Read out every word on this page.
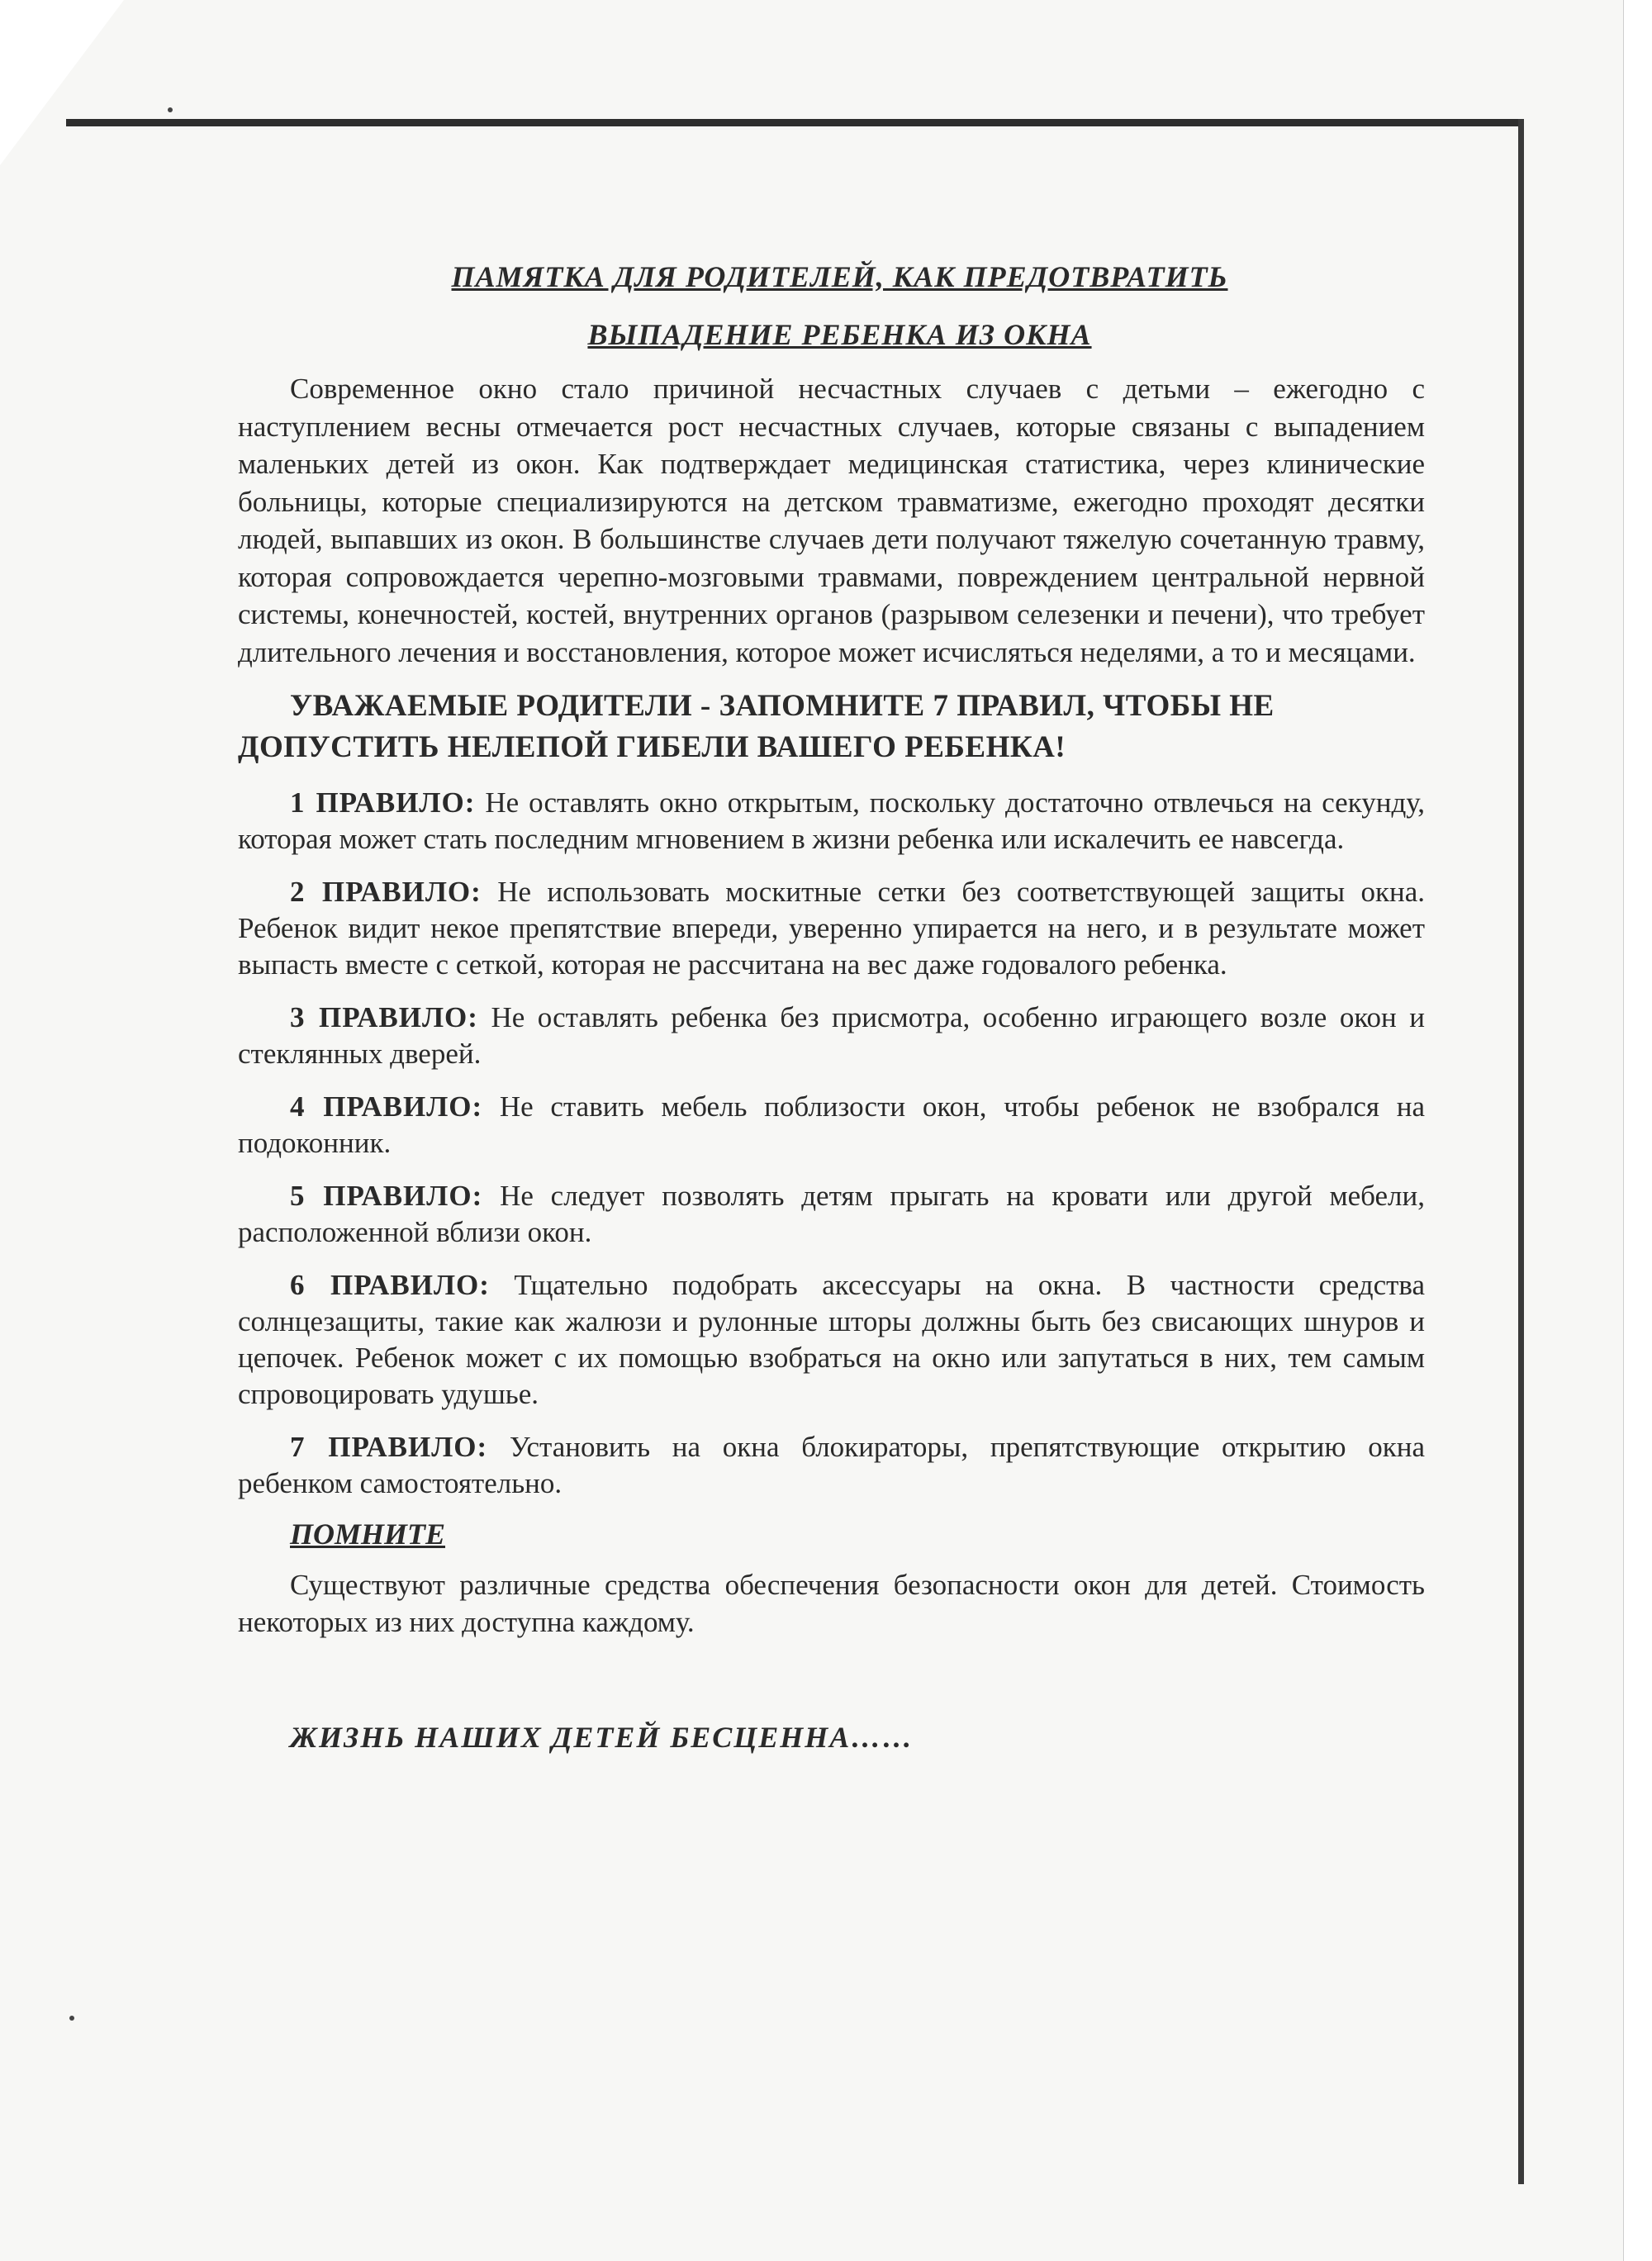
ПАМЯТКА ДЛЯ РОДИТЕЛЕЙ, КАК ПРЕДОТВРАТИТЬ
ВЫПАДЕНИЕ РЕБЕНКА ИЗ ОКНА

Современное окно стало причиной несчастных случаев с детьми – ежегодно с наступлением весны отмечается рост несчастных случаев, которые связаны с выпадением маленьких детей из окон. Как подтверждает медицинская статистика, через клинические больницы, которые специализируются на детском травматизме, ежегодно проходят десятки людей, выпавших из окон. В большинстве случаев дети получают тяжелую сочетанную травму, которая сопровождается черепно-мозговыми травмами, повреждением центральной нервной системы, конечностей, костей, внутренних органов (разрывом селезенки и печени), что требует длительного лечения и восстановления, которое может исчисляться неделями, а то и месяцами.

УВАЖАЕМЫЕ РОДИТЕЛИ - ЗАПОМНИТЕ 7 ПРАВИЛ, ЧТОБЫ НЕ ДОПУСТИТЬ НЕЛЕПОЙ ГИБЕЛИ ВАШЕГО РЕБЕНКА!

1 ПРАВИЛО: Не оставлять окно открытым, поскольку достаточно отвлечься на секунду, которая может стать последним мгновением в жизни ребенка или искалечить ее навсегда.

2 ПРАВИЛО: Не использовать москитные сетки без соответствующей защиты окна. Ребенок видит некое препятствие впереди, уверенно упирается на него, и в результате может выпасть вместе с сеткой, которая не рассчитана на вес даже годовалого ребенка.

3 ПРАВИЛО: Не оставлять ребенка без присмотра, особенно играющего возле окон и стеклянных дверей.

4 ПРАВИЛО: Не ставить мебель поблизости окон, чтобы ребенок не взобрался на подоконник.

5 ПРАВИЛО: Не следует позволять детям прыгать на кровати или другой мебели, расположенной вблизи окон.

6 ПРАВИЛО: Тщательно подобрать аксессуары на окна. В частности средства солнцезащиты, такие как жалюзи и рулонные шторы должны быть без свисающих шнуров и цепочек. Ребенок может с их помощью взобраться на окно или запутаться в них, тем самым спровоцировать удушье.

7 ПРАВИЛО: Установить на окна блокираторы, препятствующие открытию окна ребенком самостоятельно.

ПОМНИТЕ

Существуют различные средства обеспечения безопасности окон для детей. Стоимость некоторых из них доступна каждому.

ЖИЗНЬ НАШИХ ДЕТЕЙ БЕСЦЕННА……
